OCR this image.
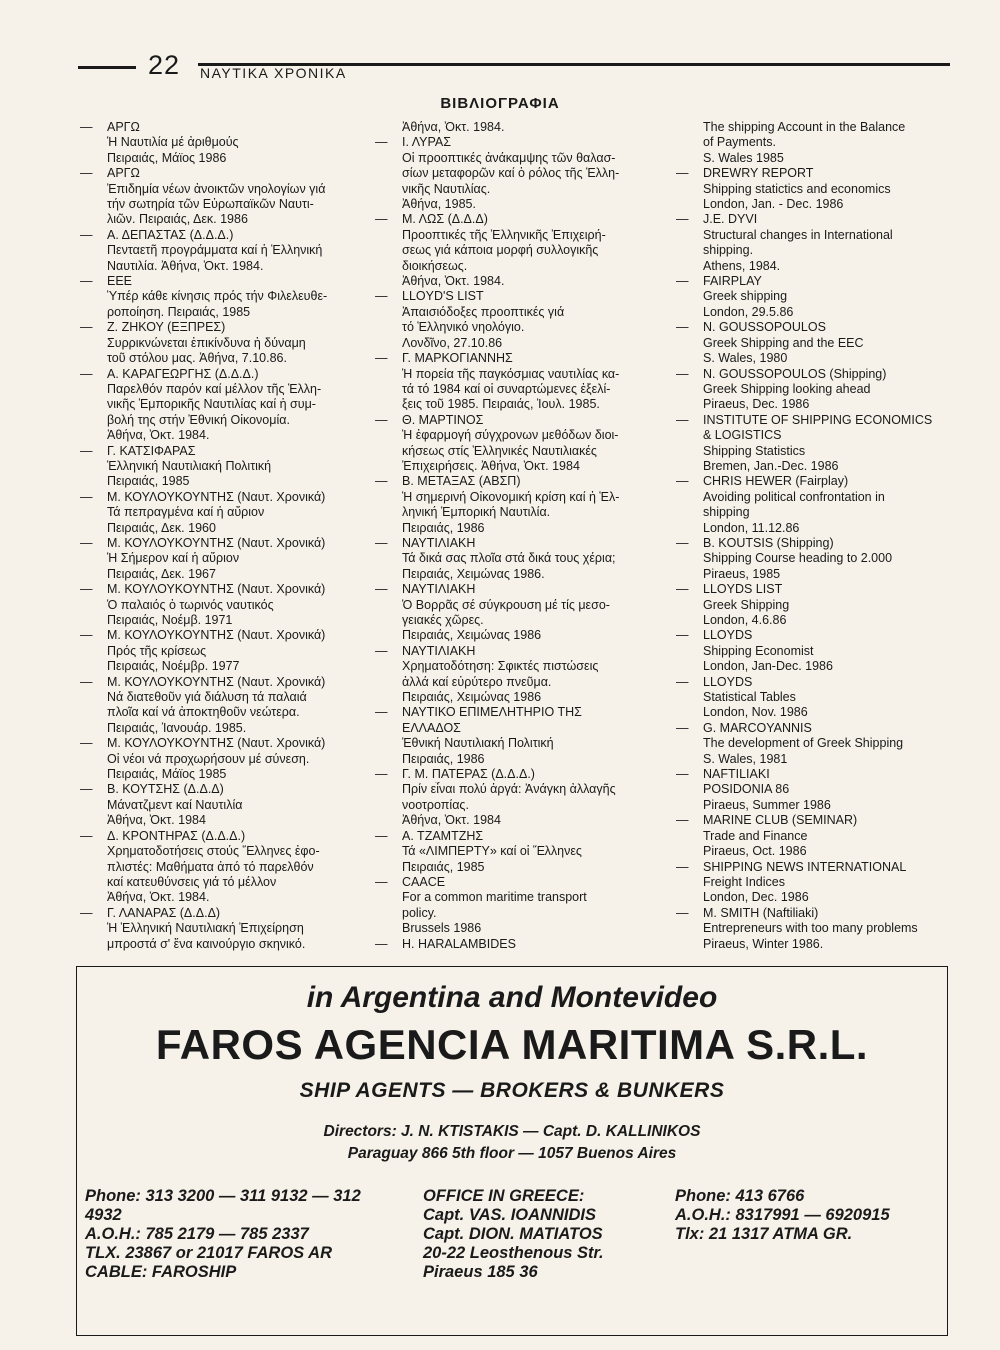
22 ΝΑΥΤΙΚΑ ΧΡΟΝΙΚΑ
ΒΙΒΛΙΟΓΡΑΦΙΑ
— ΑΡΓΩ
Ἡ Ναυτιλία μέ ἀριθμούς
Πειραιάς, Μάϊος 1986
— ΑΡΓΩ
Ἐπιδημία νέων ἀνοικτῶν νηολογίων γιά
τήν σωτηρία τῶν Εὐρωπαϊκῶν Ναυτι-
λιῶν. Πειραιάς, Δεκ. 1986
— Α. ΔΕΠΑΣΤΑΣ (Δ.Δ.Δ.)
Πενταετῆ προγράμματα καί ἡ Ἑλληνική
Ναυτιλία. Ἀθήνα, Ὀκτ. 1984.
— ΕΕΕ
Ὑπέρ κάθε κίνησις πρός τήν Φιλελευθε-
ροποίηση. Πειραιάς, 1985
— Ζ. ΖΗΚΟΥ (ΕΞΠΡΕΣ)
Συρρικνώνεται ἐπικίνδυνα ἡ δύναμη
τοῦ στόλου μας. Ἀθήνα, 7.10.86.
— Α. ΚΑΡΑΓΕΩΡΓΗΣ (Δ.Δ.Δ.)
Παρελθόν παρόν καί μέλλον τῆς Ἑλλη-
νικῆς Ἐμπορικῆς Ναυτιλίας καί ἡ συμ-
βολή της στήν Ἐθνική Οἰκονομία.
Ἀθήνα, Ὀκτ. 1984.
— Γ. ΚΑΤΣΙΦΑΡΑΣ
Ἑλληνική Ναυτιλιακή Πολιτική
Πειραιάς, 1985
— Μ. ΚΟΥΛΟΥΚΟΥΝΤΗΣ (Ναυτ. Χρονικά)
Τά πεπραγμένα καί ἡ αὔριον
Πειραιάς, Δεκ. 1960
— Μ. ΚΟΥΛΟΥΚΟΥΝΤΗΣ (Ναυτ. Χρονικά)
Ἡ Σήμερον καί ἡ αὔριον
Πειραιάς, Δεκ. 1967
— Μ. ΚΟΥΛΟΥΚΟΥΝΤΗΣ (Ναυτ. Χρονικά)
Ὁ παλαιός ὁ τωρινός ναυτικός
Πειραιάς, Νοέμβ. 1971
— Μ. ΚΟΥΛΟΥΚΟΥΝΤΗΣ (Ναυτ. Χρονικά)
Πρός τῆς κρίσεως
Πειραιάς, Νοέμβρ. 1977
— Μ. ΚΟΥΛΟΥΚΟΥΝΤΗΣ (Ναυτ. Χρονικά)
Νά διατεθοῦν γιά διάλυση τά παλαιά
πλοῖα καί νά ἀποκτηθοῦν νεώτερα.
Πειραιάς, Ἰανουάρ. 1985.
— Μ. ΚΟΥΛΟΥΚΟΥΝΤΗΣ (Ναυτ. Χρονικά)
Οἱ νέοι νά προχωρήσουν μέ σύνεση.
Πειραιάς, Μάϊος 1985
— Β. ΚΟΥΤΣΗΣ (Δ.Δ.Δ)
Μάνατζμεντ καί Ναυτιλία
Ἀθήνα, Ὀκτ. 1984
— Δ. ΚΡΟΝΤΗΡΑΣ (Δ.Δ.Δ.)
Χρηματοδοτήσεις στούς Ἕλληνες ἐφο-
πλιστές: Μαθήματα ἀπό τό παρελθόν
καί κατευθύνσεις γιά τό μέλλον
Ἀθήνα, Ὀκτ. 1984.
— Γ. ΛΑΝΑΡΑΣ (Δ.Δ.Δ)
Ἡ Ἑλληνική Ναυτιλιακή Ἐπιχείρηση
μπροστά σ' ἕνα καινούργιο σκηνικό.
Ἀθήνα, Ὀκτ. 1984.
— Ι. ΛΥΡΑΣ
Οἱ προοπτικές ἀνάκαμψης τῶν θαλασ-
σίων μεταφορῶν καί ὁ ρόλος τῆς Ἑλλη-
νικῆς Ναυτιλίας.
Ἀθήνα, 1985.
— Μ. ΛΩΣ (Δ.Δ.Δ)
Προοπτικές τῆς Ἑλληνικῆς Ἐπιχειρή-
σεως γιά κάποια μορφή συλλογικῆς
διοικήσεως.
Ἀθήνα, Ὀκτ. 1984.
— LLOYD'S LIST
Ἀπαισιόδοξες προοπτικές γιά
τό Ἑλληνικό νηολόγιο.
Λονδῖνο, 27.10.86
— Γ. ΜΑΡΚΟΓΙΑΝΝΗΣ
Ἡ πορεία τῆς παγκόσμιας ναυτιλίας κα-
τά τό 1984 καί οἱ συναρτώμενες ἐξελί-
ξεις τοῦ 1985. Πειραιάς, Ἰουλ. 1985.
— Θ. ΜΑΡΤΙΝΟΣ
Ἡ ἐφαρμογή σύγχρονων μεθόδων διοι-
κήσεως στίς Ἑλληνικές Ναυτιλιακές
Ἐπιχειρήσεις. Ἀθήνα, Ὀκτ. 1984
— Β. ΜΕΤΑΞΑΣ (ΑΒΣΠ)
Ἡ σημερινή Οἰκονομική κρίση καί ἡ Ἑλ-
ληνική Ἐμπορική Ναυτιλία.
Πειραιάς, 1986
— ΝΑΥΤΙΛΙΑΚΗ
Τά δικά σας πλοῖα στά δικά τους χέρια;
Πειραιάς, Χειμώνας 1986.
— ΝΑΥΤΙΛΙΑΚΗ
Ὁ Βορρᾶς σέ σύγκρουση μέ τίς μεσο-
γειακές χῶρες.
Πειραιάς, Χειμώνας 1986
— ΝΑΥΤΙΛΙΑΚΗ
Χρηματοδότηση: Σφικτές πιστώσεις
ἀλλά καί εὐρύτερο πνεῦμα.
Πειραιάς, Χειμώνας 1986
— ΝΑΥΤΙΚΟ ΕΠΙΜΕΛΗΤΗΡΙΟ ΤΗΣ
ΕΛΛΑΔΟΣ
Ἐθνική Ναυτιλιακή Πολιτική
Πειραιάς, 1986
— Γ. Μ. ΠΑΤΕΡΑΣ (Δ.Δ.Δ.)
Πρίν εἶναι πολύ ἀργά: Ἀνάγκη ἀλλαγῆς
νοοτροπίας.
Ἀθήνα, Ὀκτ. 1984
— Α. ΤΖΑΜΤΖΗΣ
Τά «ΛΙΜΠΕΡΤΥ» καί οἱ Ἕλληνες
Πειραιάς, 1985
— CAACE
For a common maritime transport
policy.
Brussels 1986
— H. HARALAMBIDES
The shipping Account in the Balance
of Payments.
S. Wales 1985
— DREWRY REPORT
Shipping statictics and economics
London, Jan. - Dec. 1986
— J.E. DYVI
Structural changes in International
shipping.
Athens, 1984.
— FAIRPLAY
Greek shipping
London, 29.5.86
— N. GOUSSOPOULOS
Greek Shipping and the EEC
S. Wales, 1980
— N. GOUSSOPOULOS (Shipping)
Greek Shipping looking ahead
Piraeus, Dec. 1986
— INSTITUTE OF SHIPPING ECONOMICS
& LOGISTICS
Shipping Statistics
Bremen, Jan.-Dec. 1986
— CHRIS HEWER (Fairplay)
Avoiding political confrontation in
shipping
London, 11.12.86
— B. KOUTSIS (Shipping)
Shipping Course heading to 2.000
Piraeus, 1985
— LLOYDS LIST
Greek Shipping
London, 4.6.86
— LLOYDS
Shipping Economist
London, Jan-Dec. 1986
— LLOYDS
Statistical Tables
London, Nov. 1986
— G. MARCOYANNIS
The development of Greek Shipping
S. Wales, 1981
— NAFTILIAKI
POSIDONIA 86
Piraeus, Summer 1986
— MARINE CLUB (SEMINAR)
Trade and Finance
Piraeus, Oct. 1986
— SHIPPING NEWS INTERNATIONAL
Freight Indices
London, Dec. 1986
— M. SMITH (Naftiliaki)
Entrepreneurs with too many problems
Piraeus, Winter 1986.
in Argentina and Montevideo
FAROS AGENCIA MARITIMA S.R.L.
SHIP AGENTS — BROKERS & BUNKERS
Directors: J. N. KTISTAKIS — Capt. D. KALLINIKOS
Paraguay 866 5th floor — 1057 Buenos Aires
Phone: 313 3200 — 311 9132 — 312 4932
A.O.H.: 785 2179 — 785 2337
TLX. 23867 or 21017 FAROS AR
CABLE: FAROSHIP
OFFICE IN GREECE:
Capt. VAS. IOANNIDIS
Capt. DION. MATIATOS
20-22 Leosthenous Str.
Piraeus 185 36
Phone: 413 6766
A.O.H.: 8317991 — 6920915
Tlx: 21 1317 ATMA GR.
